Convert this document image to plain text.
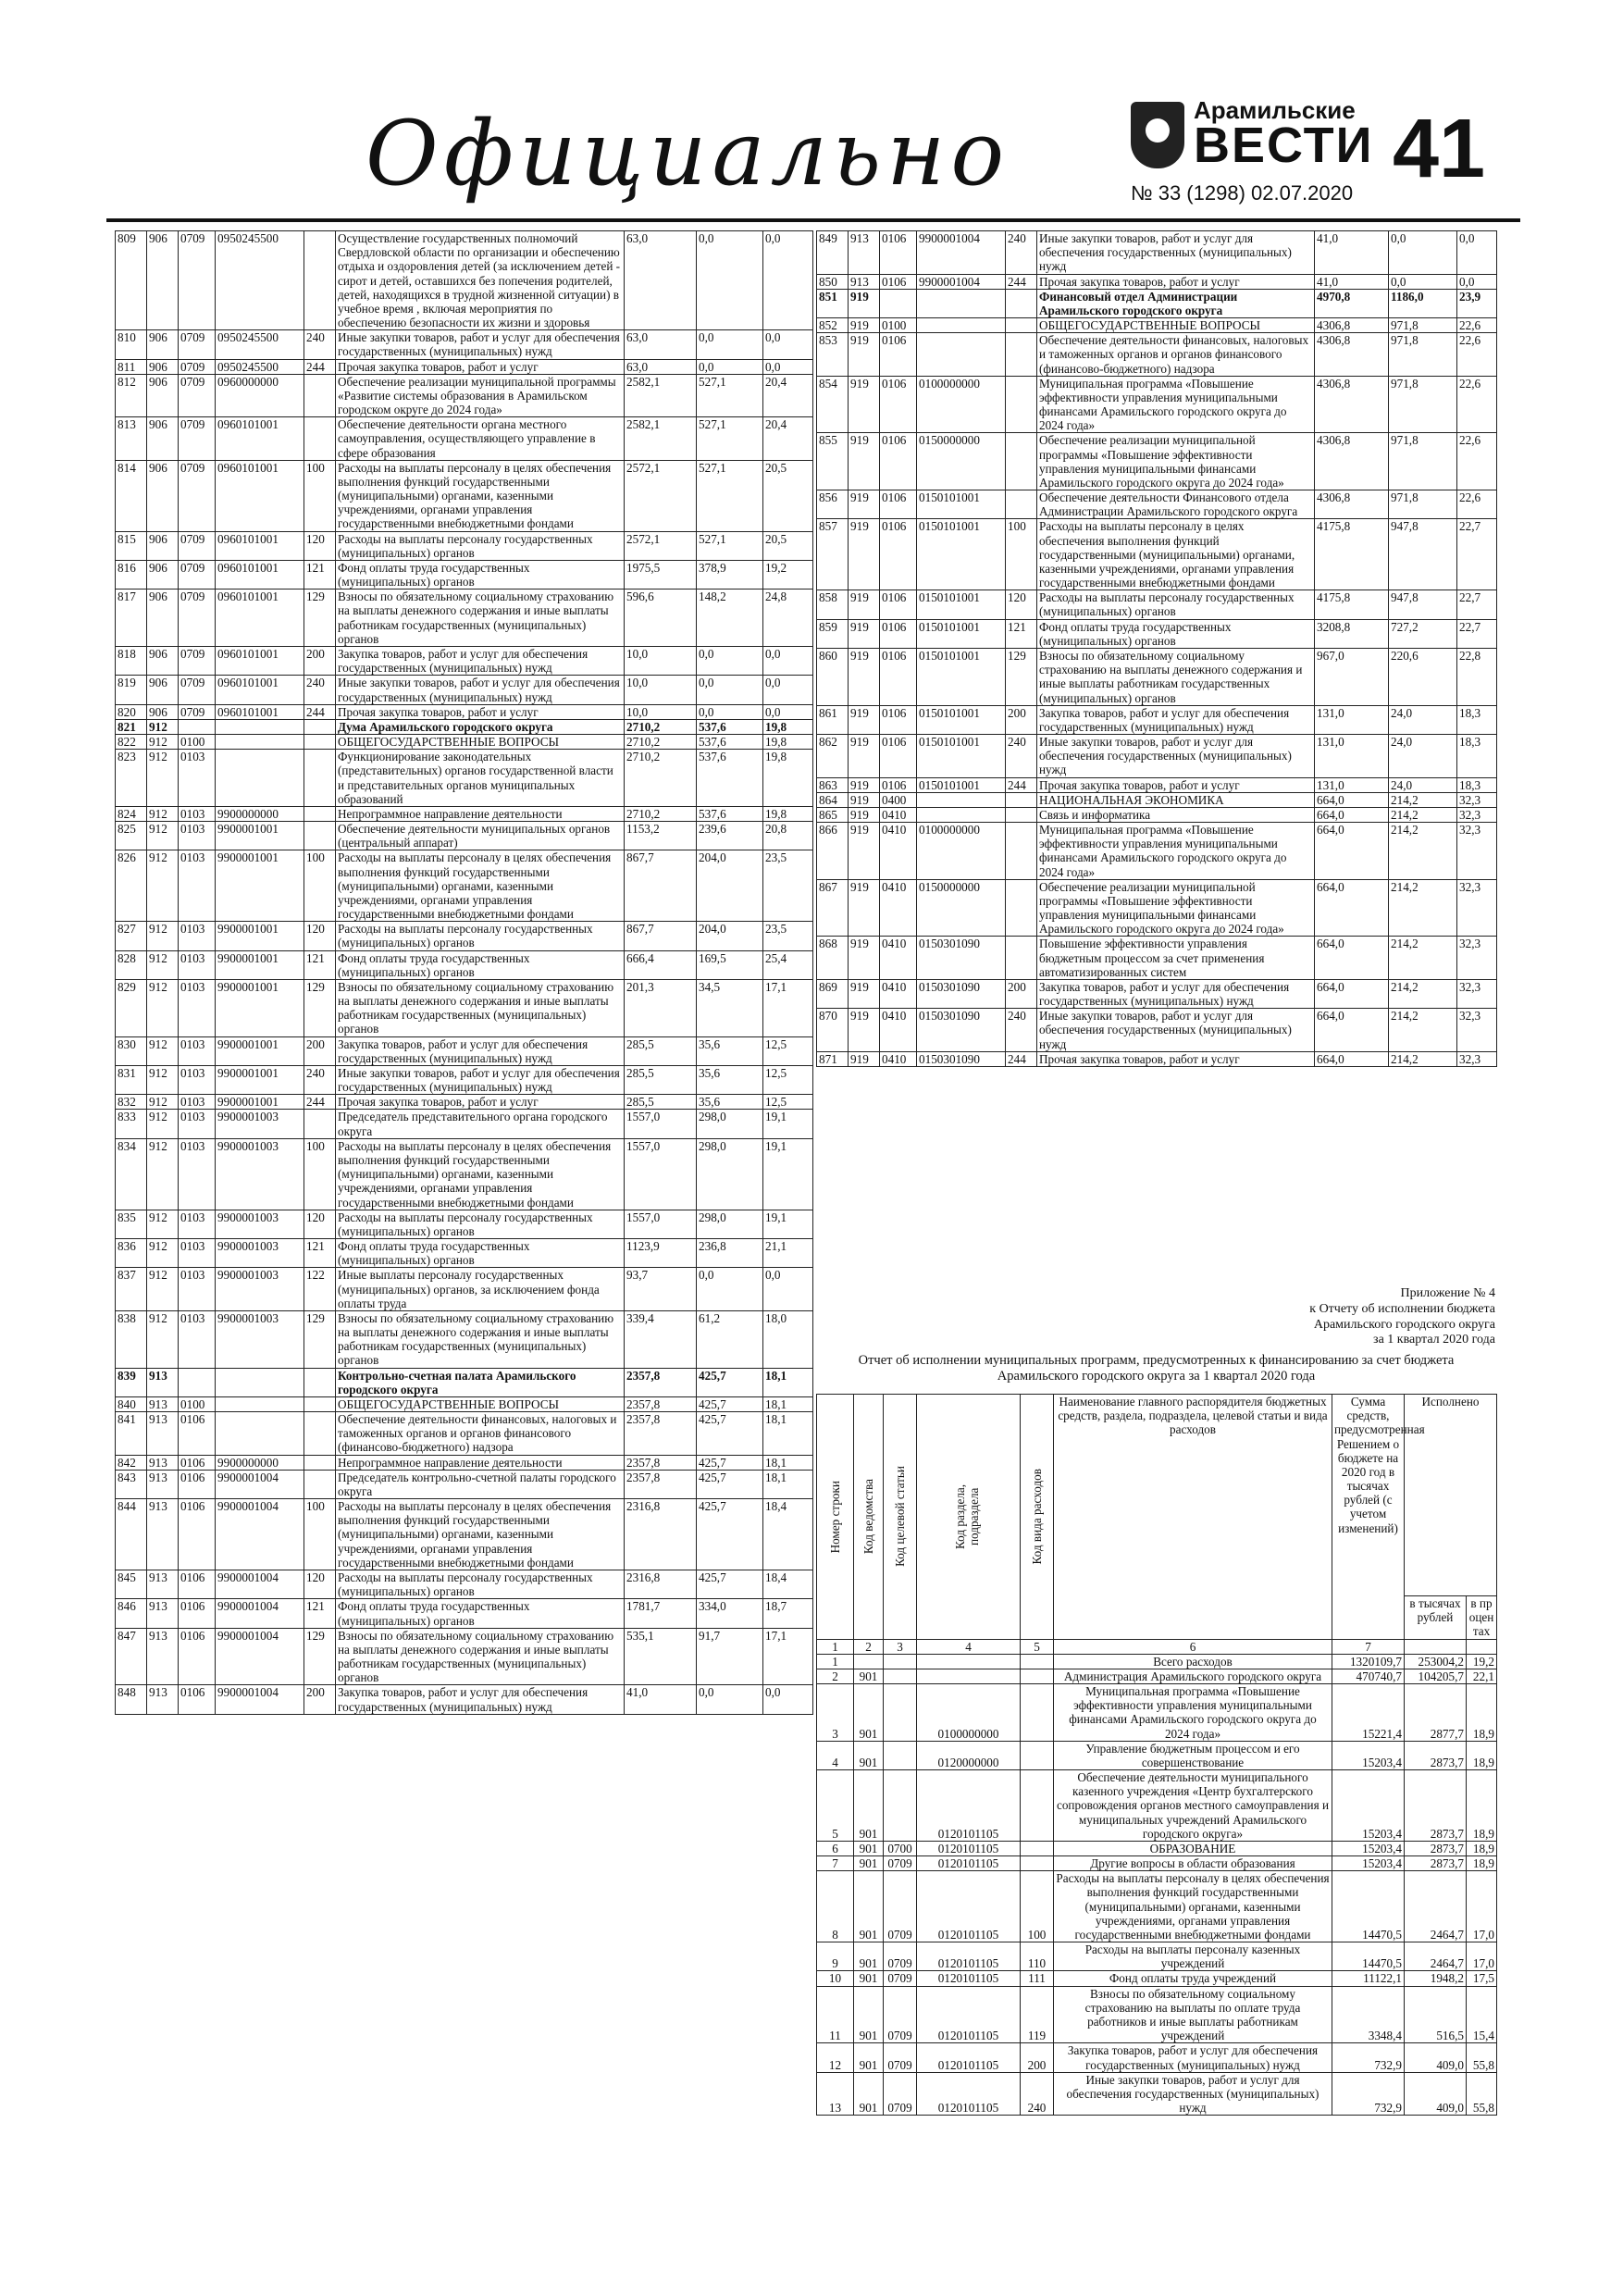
Официально	Арамильские
ВЕСТИ
№ 33 (1298) 02.07.2020 41
809	906	0709	0950245500		Осуществление государственных полномочий Свердловской области по организации и обеспечению отдыха и оздоровления детей (за исключением детей - сирот и детей, оставшихся без попечения родителей, детей, находящихся в трудной жизненной ситуации) в учебное время , включая мероприятия по обеспечению безопасности их жизни и здоровья	63,0	0,0	0,0
810	906	0709	0950245500	240	Иные закупки товаров, работ и услуг для обеспечения государственных (муниципальных) нужд	63,0	0,0	0,0
811	906	0709	0950245500	244	Прочая закупка товаров, работ и услуг	63,0	0,0	0,0
812	906	0709	0960000000		Обеспечение реализации муниципальной программы «Развитие системы образования в Арамильском городском округе до 2024 года»	2582,1	527,1	20,4
813	906	0709	0960101001		Обеспечение деятельности органа местного самоуправления, осуществляющего управление в сфере образования	2582,1	527,1	20,4
814	906	0709	0960101001	100	Расходы на выплаты персоналу в целях обеспечения выполнения функций государственными (муниципальными) органами, казенными учреждениями, органами управления государственными внебюджетными фондами	2572,1	527,1	20,5
815	906	0709	0960101001	120	Расходы на выплаты персоналу государственных (муниципальных) органов	2572,1	527,1	20,5
816	906	0709	0960101001	121	Фонд оплаты труда государственных (муниципальных) органов	1975,5	378,9	19,2
817	906	0709	0960101001	129	Взносы по обязательному социальному страхованию на выплаты денежного содержания и иные выплаты работникам государственных (муниципальных) органов	596,6	148,2	24,8
818	906	0709	0960101001	200	Закупка товаров, работ и услуг для обеспечения государственных (муниципальных) нужд	10,0	0,0	0,0
819	906	0709	0960101001	240	Иные закупки товаров, работ и услуг для обеспечения государственных (муниципальных) нужд	10,0	0,0	0,0
820	906	0709	0960101001	244	Прочая закупка товаров, работ и услуг	10,0	0,0	0,0
821	912				Дума Арамильского городского округа	2710,2	537,6	19,8
822	912	0100			ОБЩЕГОСУДАРСТВЕННЫЕ ВОПРОСЫ	2710,2	537,6	19,8
823	912	0103			Функционирование законодательных (представительных) органов государственной власти и представительных органов муниципальных образований	2710,2	537,6	19,8
824	912	0103	9900000000		Непрограммное направление деятельности	2710,2	537,6	19,8
825	912	0103	9900001001		Обеспечение деятельности муниципальных органов (центральный аппарат)	1153,2	239,6	20,8
826	912	0103	9900001001	100	Расходы на выплаты персоналу в целях обеспечения выполнения функций государственными (муниципальными) органами, казенными учреждениями, органами управления государственными внебюджетными фондами	867,7	204,0	23,5
827	912	0103	9900001001	120	Расходы на выплаты персоналу государственных (муниципальных) органов	867,7	204,0	23,5
828	912	0103	9900001001	121	Фонд оплаты труда государственных (муниципальных) органов	666,4	169,5	25,4
829	912	0103	9900001001	129	Взносы по обязательному социальному страхованию на выплаты денежного содержания и иные выплаты работникам государственных (муниципальных) органов	201,3	34,5	17,1
830	912	0103	9900001001	200	Закупка товаров, работ и услуг для обеспечения государственных (муниципальных) нужд	285,5	35,6	12,5
831	912	0103	9900001001	240	Иные закупки товаров, работ и услуг для обеспечения государственных (муниципальных) нужд	285,5	35,6	12,5
832	912	0103	9900001001	244	Прочая закупка товаров, работ и услуг	285,5	35,6	12,5
833	912	0103	9900001003		Председатель представительного органа городского округа	1557,0	298,0	19,1
834	912	0103	9900001003	100	Расходы на выплаты персоналу в целях обеспечения выполнения функций государственными (муниципальными) органами, казенными учреждениями, органами управления государственными внебюджетными фондами	1557,0	298,0	19,1
835	912	0103	9900001003	120	Расходы на выплаты персоналу государственных (муниципальных) органов	1557,0	298,0	19,1
836	912	0103	9900001003	121	Фонд оплаты труда государственных (муниципальных) органов	1123,9	236,8	21,1
837	912	0103	9900001003	122	Иные выплаты персоналу государственных (муниципальных) органов, за исключением фонда оплаты труда	93,7	0,0	0,0
838	912	0103	9900001003	129	Взносы по обязательному социальному страхованию на выплаты денежного содержания и иные выплаты работникам государственных (муниципальных) органов	339,4	61,2	18,0
839	913				Контрольно-счетная палата Арамильского городского округа	2357,8	425,7	18,1
840	913	0100			ОБЩЕГОСУДАРСТВЕННЫЕ ВОПРОСЫ	2357,8	425,7	18,1
841	913	0106			Обеспечение деятельности финансовых, налоговых и таможенных органов и органов финансового (финансово-бюджетного) надзора	2357,8	425,7	18,1
842	913	0106	9900000000		Непрограммное направление деятельности	2357,8	425,7	18,1
843	913	0106	9900001004		Председатель контрольно-счетной палаты городского округа	2357,8	425,7	18,1
844	913	0106	9900001004	100	Расходы на выплаты персоналу в целях обеспечения выполнения функций государственными (муниципальными) органами, казенными учреждениями, органами управления государственными внебюджетными фондами	2316,8	425,7	18,4
845	913	0106	9900001004	120	Расходы на выплаты персоналу государственных (муниципальных) органов	2316,8	425,7	18,4
846	913	0106	9900001004	121	Фонд оплаты труда государственных (муниципальных) органов	1781,7	334,0	18,7
847	913	0106	9900001004	129	Взносы по обязательному социальному страхованию на выплаты денежного содержания и иные выплаты работникам государственных (муниципальных) органов	535,1	91,7	17,1
848	913	0106	9900001004	200	Закупка товаров, работ и услуг для обеспечения государственных (муниципальных) нужд	41,0	0,0	0,0
849	913	0106	9900001004	240	Иные закупки товаров, работ и услуг для обеспечения государственных (муниципальных) нужд	41,0	0,0	0,0
850	913	0106	9900001004	244	Прочая закупка товаров, работ и услуг	41,0	0,0	0,0
851	919				Финансовый отдел Администрации Арамильского городского округа	4970,8	1186,0	23,9
852	919	0100			ОБЩЕГОСУДАРСТВЕННЫЕ ВОПРОСЫ	4306,8	971,8	22,6
853	919	0106			Обеспечение деятельности финансовых, налоговых и таможенных органов и органов финансового (финансово-бюджетного) надзора	4306,8	971,8	22,6
854	919	0106	0100000000		Муниципальная программа «Повышение эффективности управления муниципальными финансами Арамильского городского округа до 2024 года»	4306,8	971,8	22,6
855	919	0106	0150000000		Обеспечение реализации муниципальной программы «Повышение эффективности управления муниципальными финансами Арамильского городского округа до 2024 года»	4306,8	971,8	22,6
856	919	0106	0150101001		Обеспечение деятельности Финансового отдела Администрации Арамильского городского округа	4306,8	971,8	22,6
857	919	0106	0150101001	100	Расходы на выплаты персоналу в целях обеспечения выполнения функций государственными (муниципальными) органами, казенными учреждениями, органами управления государственными внебюджетными фондами	4175,8	947,8	22,7
858	919	0106	0150101001	120	Расходы на выплаты персоналу государственных (муниципальных) органов	4175,8	947,8	22,7
859	919	0106	0150101001	121	Фонд оплаты труда государственных (муниципальных) органов	3208,8	727,2	22,7
860	919	0106	0150101001	129	Взносы по обязательному социальному страхованию на выплаты денежного содержания и иные выплаты работникам государственных (муниципальных) органов	967,0	220,6	22,8
861	919	0106	0150101001	200	Закупка товаров, работ и услуг для обеспечения государственных (муниципальных) нужд	131,0	24,0	18,3
862	919	0106	0150101001	240	Иные закупки товаров, работ и услуг для обеспечения государственных (муниципальных) нужд	131,0	24,0	18,3
863	919	0106	0150101001	244	Прочая закупка товаров, работ и услуг	131,0	24,0	18,3
864	919	0400			НАЦИОНАЛЬНАЯ ЭКОНОМИКА	664,0	214,2	32,3
865	919	0410			Связь и информатика	664,0	214,2	32,3
866	919	0410	0100000000		Муниципальная программа «Повышение эффективности управления муниципальными финансами Арамильского городского округа до 2024 года»	664,0	214,2	32,3
867	919	0410	0150000000		Обеспечение реализации муниципальной программы «Повышение эффективности управления муниципальными финансами Арамильского городского округа до 2024 года»	664,0	214,2	32,3
868	919	0410	0150301090		Повышение эффективности управления бюджетным процессом за счет применения автоматизированных систем	664,0	214,2	32,3
869	919	0410	0150301090	200	Закупка товаров, работ и услуг для обеспечения государственных (муниципальных) нужд	664,0	214,2	32,3
870	919	0410	0150301090	240	Иные закупки товаров, работ и услуг для обеспечения государственных (муниципальных) нужд	664,0	214,2	32,3
871	919	0410	0150301090	244	Прочая закупка товаров, работ и услуг	664,0	214,2	32,3
Приложение № 4
к Отчету об исполнении бюджета
Арамильского городского округа
за 1 квартал 2020 года
Отчет об исполнении муниципальных программ, предусмотренных к финансированию за счет бюджета Арамильского городского округа за 1 квартал 2020 года
Номер строки	Код ведомства	Код целевой статьи	Код раздела, подраздела	Код вида расходов	Наименование главного распорядителя бюджетных средств, раздела, подраздела, целевой статьи и вида расходов	Сумма средств, предусмотренная Решением о бюджете на 2020 год в тысячах рублей (с учетом изменений)	Исполнено	
							в тысячах рублей	в процентах
1	2	3	4	5	6	7		
1					Всего расходов	1320109,7	253004,2	19,2
2	901				Администрация Арамильского городского округа	470740,7	104205,7	22,1
3	901		0100000000		Муниципальная программа «Повышение эффективности управления муниципальными финансами Арамильского городского округа до 2024 года»	15221,4	2877,7	18,9
4	901		0120000000		Управление бюджетным процессом и его совершенствование	15203,4	2873,7	18,9
5	901		0120101105		Обеспечение деятельности муниципального казенного учреждения «Центр бухгалтерского сопровождения органов местного самоуправления и муниципальных учреждений Арамильского городского округа»	15203,4	2873,7	18,9
6	901	0700	0120101105		ОБРАЗОВАНИЕ	15203,4	2873,7	18,9
7	901	0709	0120101105		Другие вопросы в области образования	15203,4	2873,7	18,9
8	901	0709	0120101105	100	Расходы на выплаты персоналу в целях обеспечения выполнения функций государственными (муниципальными) органами, казенными учреждениями, органами управления государственными внебюджетными фондами	14470,5	2464,7	17,0
9	901	0709	0120101105	110	Расходы на выплаты персоналу казенных учреждений	14470,5	2464,7	17,0
10	901	0709	0120101105	111	Фонд оплаты труда учреждений	11122,1	1948,2	17,5
11	901	0709	0120101105	119	Взносы по обязательному социальному страхованию на выплаты по оплате труда работников и иные выплаты работникам учреждений	3348,4	516,5	15,4
12	901	0709	0120101105	200	Закупка товаров, работ и услуг для обеспечения государственных (муниципальных) нужд	732,9	409,0	55,8
13	901	0709	0120101105	240	Иные закупки товаров, работ и услуг для обеспечения государственных (муниципальных) нужд	732,9	409,0	55,8
